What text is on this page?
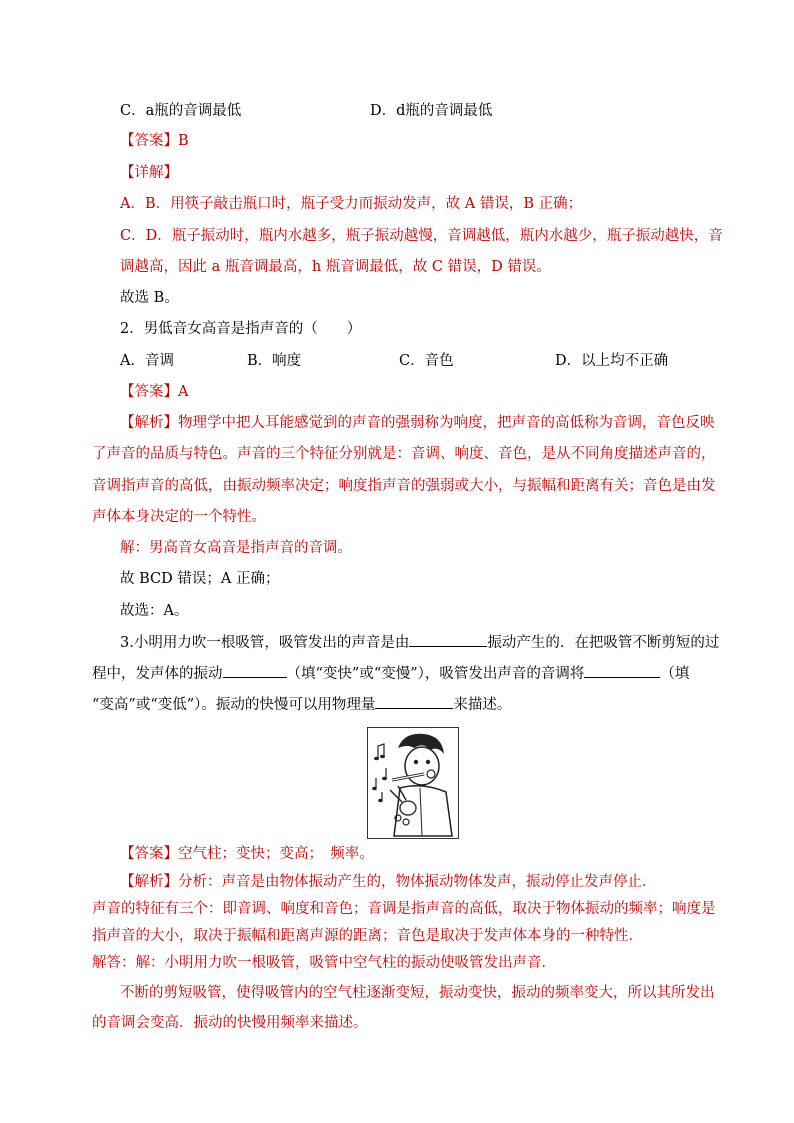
C．a瓶的音调最低	D．d瓶的音调最低
【答案】B
【详解】
A．B．用筷子敲击瓶口时，瓶子受力而振动发声，故 A 错误，B 正确；
C．D．瓶子振动时，瓶内水越多，瓶子振动越慢，音调越低，瓶内水越少，瓶子振动越快，音
调越高，因此 a 瓶音调最高，h 瓶音调最低，故 C 错误，D 错误。
故选 B。
2．男低音女高音是指声音的（　　）
A．音调	B．响度	C．音色	D．以上均不正确
【答案】A
【解析】物理学中把人耳能感觉到的声音的强弱称为响度，把声音的高低称为音调，音色反映
了声音的品质与特色。声音的三个特征分别就是：音调、响度、音色，是从不同角度描述声音的，
音调指声音的高低，由振动频率决定；响度指声音的强弱或大小，与振幅和距离有关；音色是由发
声体本身决定的一个特性。
解：男高音女高音是指声音的音调。
故 BCD 错误；A 正确；
故选：A。
3.小明用力吹一根吸管，吸管发出的声音是由	振动产生的．在把吸管不断剪短的过
程中，发声体的振动	（填“变快”或“变慢”），吸管发出声音的音调将	（填
“变高”或“变低”）。振动的快慢可以用物理量	来描述。
【答案】空气柱；变快；变高；　频率。
【解析】分析：声音是由物体振动产生的，物体振动物体发声，振动停止发声停止．
声音的特征有三个：即音调、响度和音色；音调是指声音的高低，取决于物体振动的频率；响度是
指声音的大小，取决于振幅和距离声源的距离；音色是取决于发声体本身的一种特性．
解答：解：小明用力吹一根吸管，吸管中空气柱的振动使吸管发出声音．
不断的剪短吸管，使得吸管内的空气柱逐渐变短，振动变快，振动的频率变大，所以其所发出
的音调会变高．振动的快慢用频率来描述。
